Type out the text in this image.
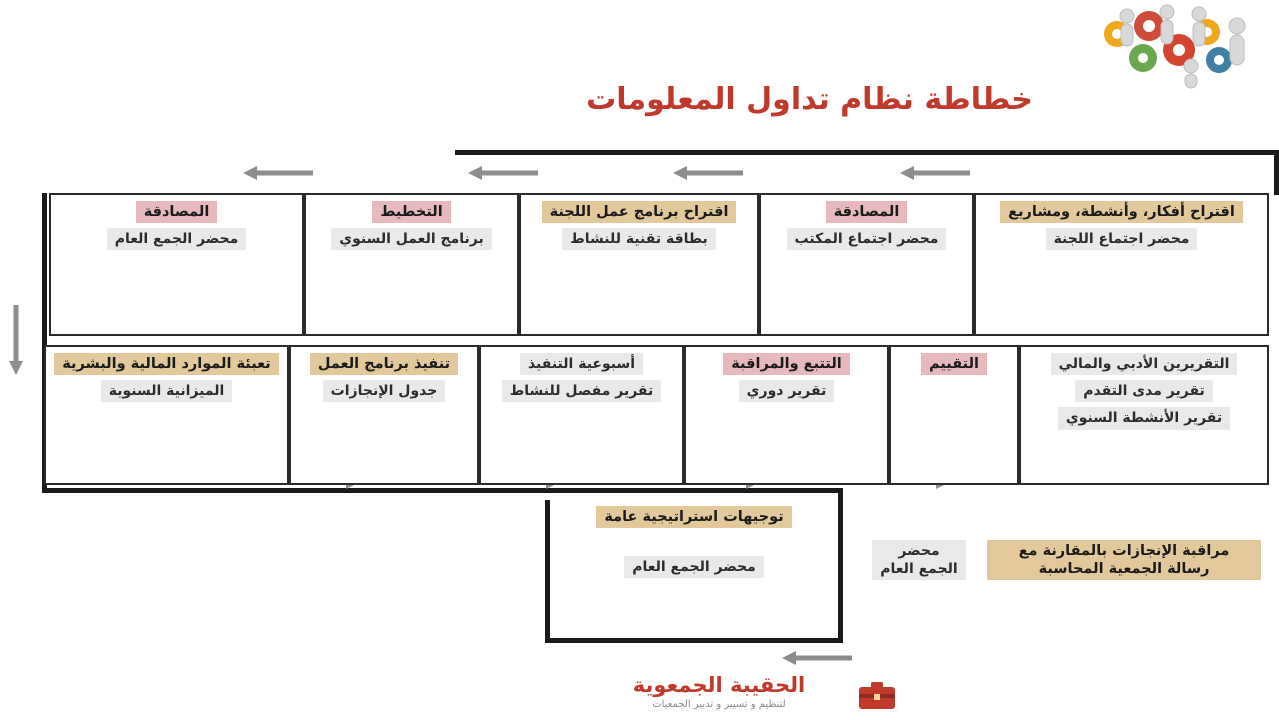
خطاطة نظام تداول المعلومات
اقتراح أفكار، وأنشطة، ومشاريع
محضر اجتماع اللجنة
المصادقة
محضر اجتماع المكتب
اقتراح برنامج عمل اللجنة
بطاقة تقنية للنشاط
التخطيط
برنامج العمل السنوي
المصادقة
محضر الجمع العام
التقريرين الأدبي والمالي
تقرير مدى التقدم
تقرير الأنشطة السنوي
التقييم
التتبع والمراقبة
تقرير دوري
أسبوعية التنفيذ
تقرير مفصل للنشاط
تنفيذ برنامج العمل
جدول الإنجازات
تعبئة الموارد المالية والبشرية
الميزانية السنوية
مراقبة الإنجازات بالمقارنة مع رسالة الجمعية المحاسبة
محضر الجمع العام
توجيهات استراتيجية عامة
محضر الجمع العام
الحقيبة الجمعوية
لتنظيم و تسيير و تدبير الجمعيات
